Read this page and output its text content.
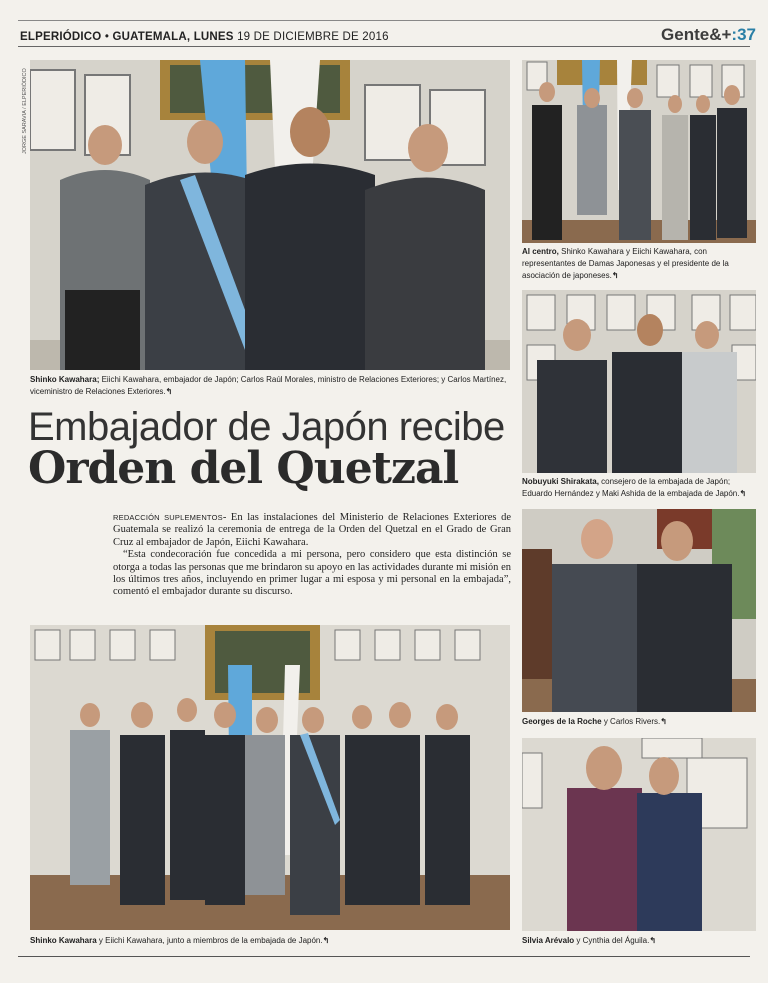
ELPERIÓDICO • GUATEMALA, LUNES 19 DE DICIEMBRE DE 2016	Gente&+:37
JORGE SARAVIA / ELPERIÓDICO
Shinko Kawahara; Eiichi Kawahara, embajador de Japón; Carlos Raúl Morales, ministro de Relaciones Exteriores; y Carlos Martínez, viceministro de Relaciones Exteriores.↰
Embajador de Japón recibe
Orden del Quetzal

REDACCIÓN SUPLEMENTOS- En las instalaciones del Ministerio de Relaciones Exteriores de Guatemala se realizó la ceremonia de entrega de la Orden del Quetzal en el Grado de Gran Cruz al embajador de Japón, Eiichi Kawahara.

“Esta condecoración fue concedida a mi persona, pero considero que esta distinción se otorga a todas las personas que me brindaron su apoyo en las actividades durante mi misión en los últimos tres años, incluyendo en primer lugar a mi esposa y mi personal en la embajada”, comentó el embajador durante su discurso.

Shinko Kawahara y Eiichi Kawahara, junto a miembros de la embajada de Japón.↰
Al centro, Shinko Kawahara y Eiichi Kawahara, con representantes de Damas Japonesas y el presidente de la asociación de japoneses.↰
Nobuyuki Shirakata, consejero de la embajada de Japón; Eduardo Hernández y Maki Ashida de la embajada de Japón.↰
Georges de la Roche y Carlos Rivers.↰
Silvia Arévalo y Cynthia del Águila.↰
